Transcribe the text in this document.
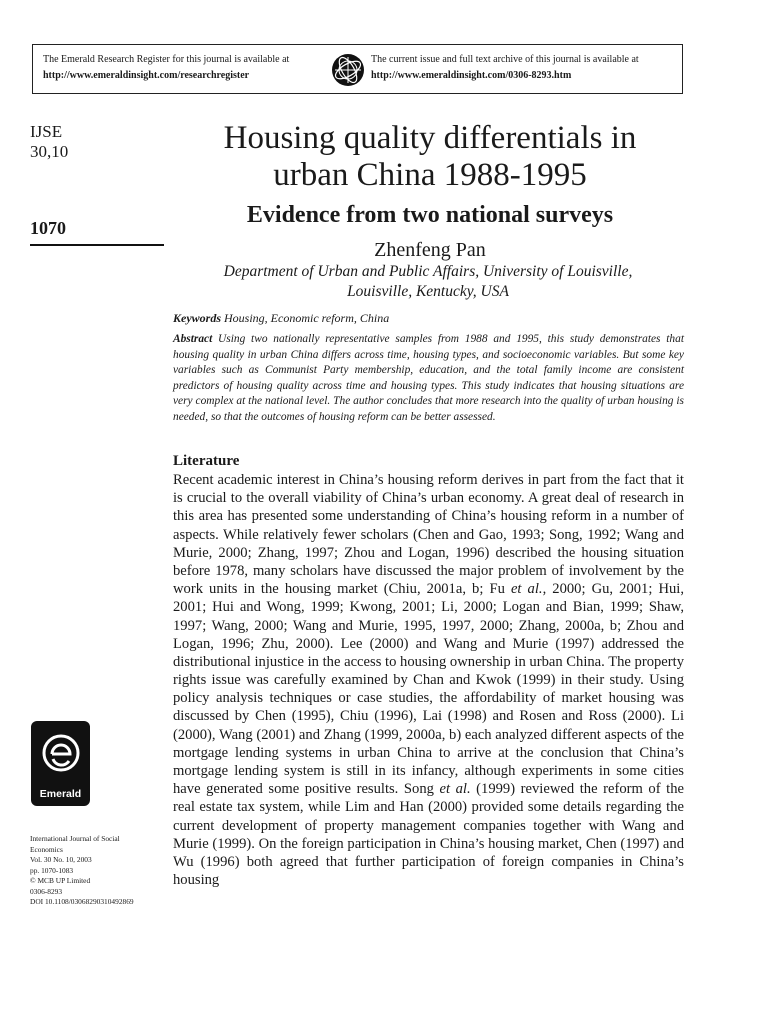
The Emerald Research Register for this journal is available at
http://www.emeraldinsight.com/researchregister
The current issue and full text archive of this journal is available at
http://www.emeraldinsight.com/0306-8293.htm
IJSE
30,10
1070
Emerald
International Journal of Social
Economics
Vol. 30 No. 10, 2003
pp. 1070-1083
© MCB UP Limited
0306-8293
DOI 10.1108/03068290310492869
Housing quality differentials in
urban China 1988-1995
Evidence from two national surveys
Zhenfeng Pan
Department of Urban and Public Affairs, University of Louisville,
Louisville, Kentucky, USA
Keywords Housing, Economic reform, China
Abstract Using two nationally representative samples from 1988 and 1995, this study demonstrates that housing quality in urban China differs across time, housing types, and socioeconomic variables. But some key variables such as Communist Party membership, education, and the total family income are consistent predictors of housing quality across time and housing types. This study indicates that housing situations are very complex at the national level. The author concludes that more research into the quality of urban housing is needed, so that the outcomes of housing reform can be better assessed.
Literature

Recent academic interest in China’s housing reform derives in part from the fact that it is crucial to the overall viability of China’s urban economy. A great deal of research in this area has presented some understanding of China’s housing reform in a number of aspects. While relatively fewer scholars (Chen and Gao, 1993; Song, 1992; Wang and Murie, 2000; Zhang, 1997; Zhou and Logan, 1996) described the housing situation before 1978, many scholars have discussed the major problem of involvement by the work units in the housing market (Chiu, 2001a, b; Fu et al., 2000; Gu, 2001; Hui, 2001; Hui and Wong, 1999; Kwong, 2001; Li, 2000; Logan and Bian, 1999; Shaw, 1997; Wang, 2000; Wang and Murie, 1995, 1997, 2000; Zhang, 2000a, b; Zhou and Logan, 1996; Zhu, 2000). Lee (2000) and Wang and Murie (1997) addressed the distributional injustice in the access to housing ownership in urban China. The property rights issue was carefully examined by Chan and Kwok (1999) in their study. Using policy analysis techniques or case studies, the affordability of market housing was discussed by Chen (1995), Chiu (1996), Lai (1998) and Rosen and Ross (2000). Li (2000), Wang (2001) and Zhang (1999, 2000a, b) each analyzed different aspects of the mortgage lending systems in urban China to arrive at the conclusion that China’s mortgage lending system is still in its infancy, although experiments in some cities have generated some positive results. Song et al. (1999) reviewed the reform of the real estate tax system, while Lim and Han (2000) provided some details regarding the current development of property management companies together with Wang and Murie (1999). On the foreign participation in China’s housing market, Chen (1997) and Wu (1996) both agreed that further participation of foreign companies in China’s housing
